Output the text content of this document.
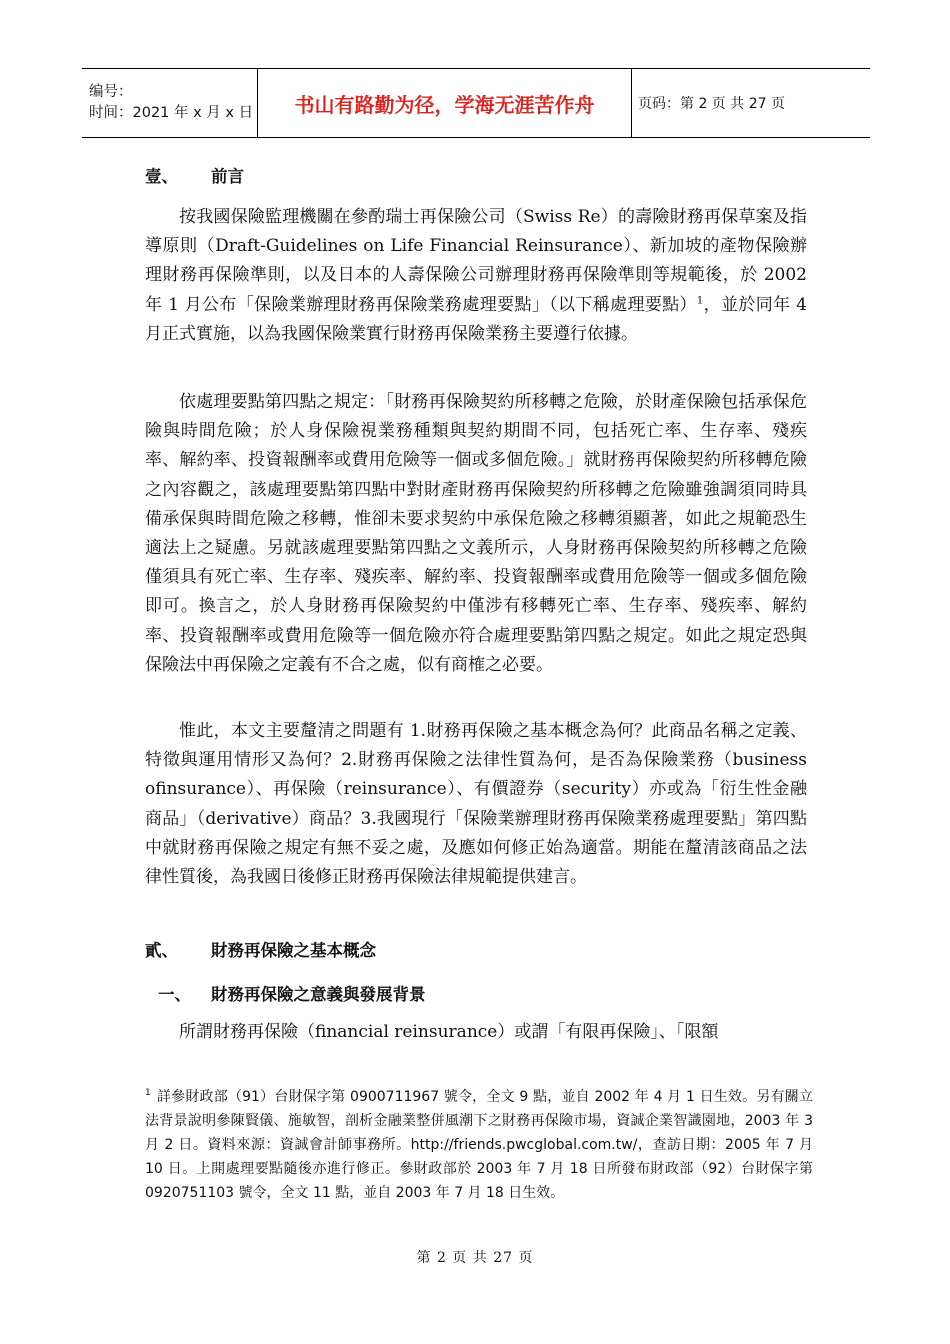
编号：
时间：2021 年 x 月 x 日 书山有路勤为径，学海无涯苦作舟	页码：第 2 页 共 27 页
壹、 前言
按我國保險監理機關在參酌瑞士再保險公司（Swiss Re）的壽險財務再保草案及指導原則（Draft-Guidelines on Life Financial Reinsurance）、新加坡的產物保險辦理財務再保險準則，以及日本的人壽保險公司辦理財務再保險準則等規範後，於 2002 年 1 月公布「保險業辦理財務再保險業務處理要點」（以下稱處理要點）$^1$，並於同年 4 月正式實施，以為我國保險業實行財務再保險業務主要遵行依據。
依處理要點第四點之規定：「財務再保險契約所移轉之危險，於財產保險包括承保危險與時間危險；於人身保險視業務種類與契約期間不同，包括死亡率、生存率、殘疾率、解約率、投資報酬率或費用危險等一個或多個危險。」就財務再保險契約所移轉危險之內容觀之，該處理要點第四點中對財產財務再保險契約所移轉之危險雖強調須同時具備承保與時間危險之移轉，惟卻未要求契約中承保危險之移轉須顯著，如此之規範恐生適法上之疑慮。另就該處理要點第四點之文義所示，人身財務再保險契約所移轉之危險僅須具有死亡率、生存率、殘疾率、解約率、投資報酬率或費用危險等一個或多個危險即可。換言之，於人身財務再保險契約中僅涉有移轉死亡率、生存率、殘疾率、解約率、投資報酬率或費用危險等一個危險亦符合處理要點第四點之規定。如此之規定恐與保險法中再保險之定義有不合之處，似有商榷之必要。
惟此，本文主要釐清之問題有 1.財務再保險之基本概念為何？此商品名稱之定義、特徵與運用情形又為何？2.財務再保險之法律性質為何，是否為保險業務（business ofinsurance）、再保險（reinsurance）、有價證券（security）亦或為「衍生性金融商品」（derivative）商品？3.我國現行「保險業辦理財務再保險業務處理要點」第四點中就財務再保險之規定有無不妥之處，及應如何修正始為適當。期能在釐清該商品之法律性質後，為我國日後修正財務再保險法律規範提供建言。
貳、 財務再保險之基本概念
一、 財務再保險之意義與發展背景
所謂財務再保險（financial reinsurance）或謂「有限再保險」、「限額
$^1$ 詳參財政部（91）台財保字第 0900711967 號令，全文 9 點，並自 2002 年 4 月 1 日生效。另有關立法背景說明參陳賢儀、施敏智，剖析金融業整併風潮下之財務再保險市場，資誠企業智識園地，2003 年 3 月 2 日。資料來源：資誠會計師事務所。http://friends.pwcglobal.com.tw/，查訪日期：2005 年 7 月 10 日。上開處理要點隨後亦進行修正。參財政部於 2003 年 7 月 18 日所發布財政部（92）台財保字第 0920751103 號令，全文 11 點，並自 2003 年 7 月 18 日生效。
第 2 页 共 27 页
